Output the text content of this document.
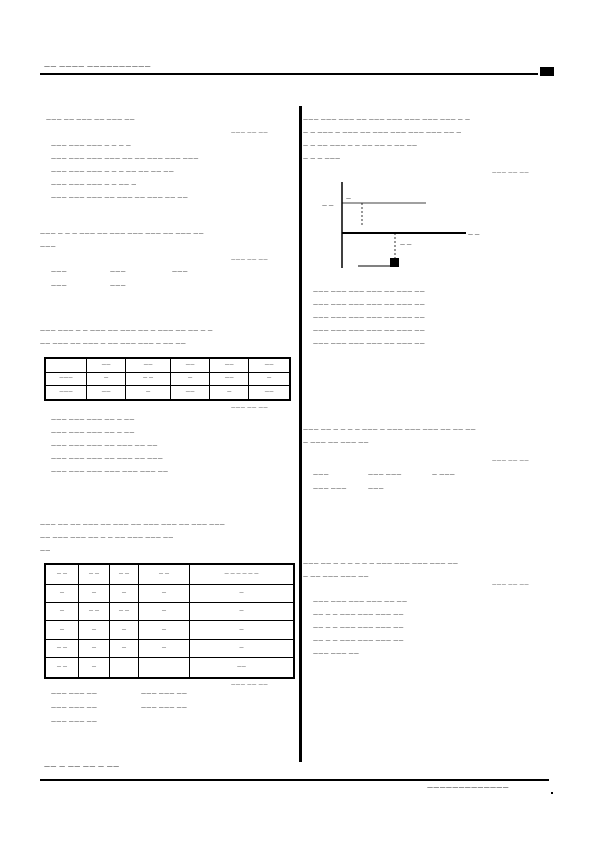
—— ———— ——————————
—— — —— —— — ——
—————————————
——— —— ——— —— ——— ——
——— —— ——
——— ——— ——— — — — —
——— ——— ——— ——— —— —— ——— ——— ———
——— ——— ——— — — — —— —— —— ——
——— ——— ——— — — —— —
——— ——— ——— —— ——— —— ——— —— ——
——— — — — ——— —— ——— ——— ——— —— ——— ——
———
——— —— ——
———	———	———
———	———
——— ——— — — ——— —— ——— —— — ——— —— —— — —
—— ——— —— ——— — —— ——— ——— — —— ——
	——	——	——	——	——
———	—	— —	—	——	—
———	——	—	——	—	——
——— —— ——
——— ——— ——— —— — ——
——— ——— ——— —— — ——
——— ——— ——— —— ——— —— ——
——— ——— ——— —— ——— —— ———
——— ——— ——— ——— ——— ——— ——
——— —— —— ——— —— ——— —— ——— ——— —— ——— ———
—— ——— ——— —— — — —— ——— ——— ——
——
— —	— —	— —	— —	— — — — — —
—	—	—	—	—
—	— —	— —	—	—
—	—	—	—	—
— —	—	—	—	—
— —	—			——
——— —— ——
——— ——— ——	——— ——— ——
——— ——— ——	——— ——— ——
——— ——— ——
——— ——— ——— —— ——— ——— ——— ——— ——— — —
— — ——— — ——— —— ——— ——— ——— ——— —— —
— — —— ——— — — —— —— — —— ——
— — — ———
——— —— ——
— —
—
— —
— —
——— ——— ——— ——— —— ——— ——
——— ——— ——— ——— —— ——— ——
——— ——— ——— ——— —— ——— ——
——— ——— ——— ——— —— ——— ——
——— ——— ——— ——— —— ——— ——
——— —— — — — — ——— — ——— ——— ——— —— —— ——
— ——— —— ——— ——
——— —— ——
———	——— ———	— ———
——— ———	———
——— —— — — — — — — ——— ——— ——— ——— ——
— —— ——— ——— ——
——— —— ——
——— ——— ——— ——— —— ——
—— — — ——— ——— ——— ——
—— — — ——— ——— ——— ——
—— — — ——— ——— ——— ——
——— ——— ——
